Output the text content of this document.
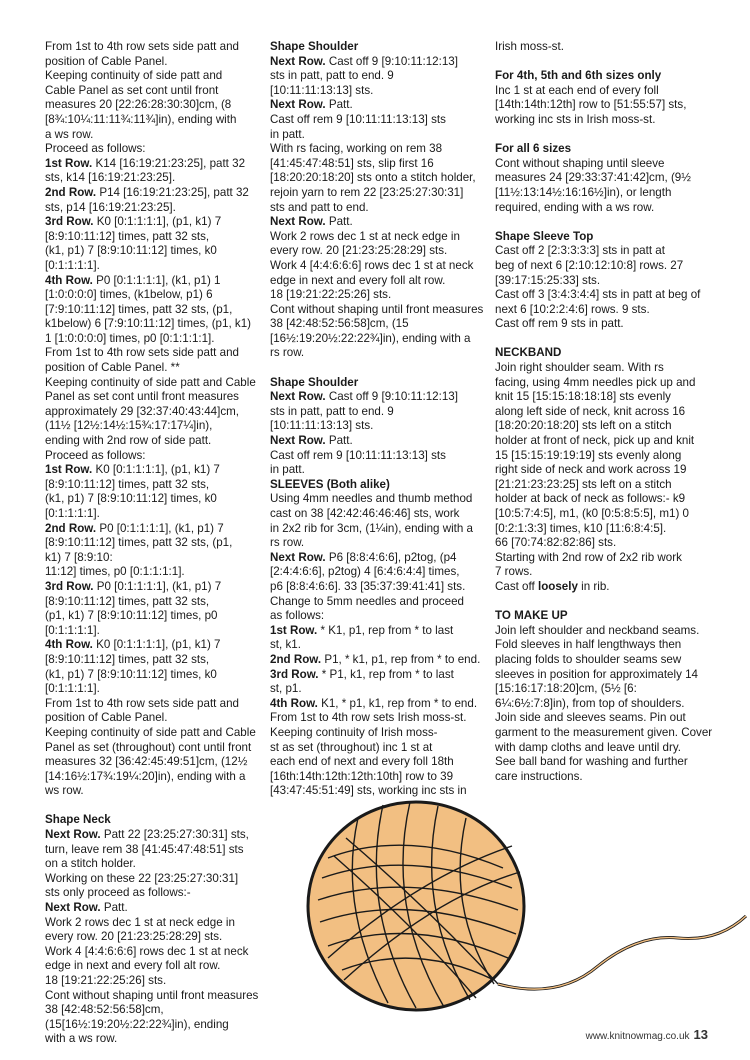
From 1st to 4th row sets side patt and
position of Cable Panel.
Keeping continuity of side patt and
Cable Panel as set cont until front
measures 20 [22:26:28:30:30]cm, (8
[8¾:10¼:11:11¾:11¾]in), ending with
a ws row.
Proceed as follows:
1st Row. K14 [16:19:21:23:25], patt 32
sts, k14 [16:19:21:23:25].
2nd Row. P14 [16:19:21:23:25], patt 32
sts, p14 [16:19:21:23:25].
3rd Row. K0 [0:1:1:1:1], (p1, k1) 7
[8:9:10:11:12] times, patt 32 sts,
(k1, p1) 7 [8:9:10:11:12] times, k0
[0:1:1:1:1].
4th Row. P0 [0:1:1:1:1], (k1, p1) 1
[1:0:0:0:0] times, (k1below, p1) 6
[7:9:10:11:12] times, patt 32 sts, (p1,
k1below) 6 [7:9:10:11:12] times, (p1, k1)
1 [1:0:0:0:0] times, p0 [0:1:1:1:1].
From 1st to 4th row sets side patt and
position of Cable Panel. **
Keeping continuity of side patt and Cable
Panel as set cont until front measures
approximately 29 [32:37:40:43:44]cm,
(11½ [12½:14½:15¾:17:17¼]in),
ending with 2nd row of side patt.
Proceed as follows:
1st Row. K0 [0:1:1:1:1], (p1, k1) 7
[8:9:10:11:12] times, patt 32 sts,
(k1, p1) 7 [8:9:10:11:12] times, k0
[0:1:1:1:1].
2nd Row. P0 [0:1:1:1:1], (k1, p1) 7
[8:9:10:11:12] times, patt 32 sts, (p1,
k1) 7 [8:9:10:
11:12] times, p0 [0:1:1:1:1].
3rd Row. P0 [0:1:1:1:1], (k1, p1) 7
[8:9:10:11:12] times, patt 32 sts,
(p1, k1) 7 [8:9:10:11:12] times, p0
[0:1:1:1:1].
4th Row. K0 [0:1:1:1:1], (p1, k1) 7
[8:9:10:11:12] times, patt 32 sts,
(k1, p1) 7 [8:9:10:11:12] times, k0
[0:1:1:1:1].
From 1st to 4th row sets side patt and
position of Cable Panel.
Keeping continuity of side patt and Cable
Panel as set (throughout) cont until front
measures 32 [36:42:45:49:51]cm, (12½
[14:16½:17¾:19¼:20]in), ending with a
ws row.
Shape Neck
Next Row. Patt 22 [23:25:27:30:31] sts,
turn, leave rem 38 [41:45:47:48:51] sts
on a stitch holder.
Working on these 22 [23:25:27:30:31]
sts only proceed as follows:-
Next Row. Patt.
Work 2 rows dec 1 st at neck edge in
every row. 20 [21:23:25:28:29] sts.
Work 4 [4:4:6:6:6] rows dec 1 st at neck
edge in next and every foll alt row.
18 [19:21:22:25:26] sts.
Cont without shaping until front measures
38 [42:48:52:56:58]cm,
(15[16½:19:20½:22:22¾]in), ending
with a ws row.
Shape Shoulder
Next Row. Cast off 9 [9:10:11:12:13]
sts in patt, patt to end. 9
[10:11:11:13:13] sts.
Next Row. Patt.
Cast off rem 9 [10:11:11:13:13] sts
in patt.
With rs facing, working on rem 38
[41:45:47:48:51] sts, slip first 16
[18:20:20:18:20] sts onto a stitch holder,
rejoin yarn to rem 22 [23:25:27:30:31]
sts and patt to end.
Next Row. Patt.
Work 2 rows dec 1 st at neck edge in
every row. 20 [21:23:25:28:29] sts.
Work 4 [4:4:6:6:6] rows dec 1 st at neck
edge in next and every foll alt row.
18 [19:21:22:25:26] sts.
Cont without shaping until front measures
38 [42:48:52:56:58]cm, (15
[16½:19:20½:22:22¾]in), ending with a
rs row.
Shape Shoulder
Next Row. Cast off 9 [9:10:11:12:13]
sts in patt, patt to end. 9
[10:11:11:13:13] sts.
Next Row. Patt.
Cast off rem 9 [10:11:11:13:13] sts
in patt.
SLEEVES (Both alike)
Using 4mm needles and thumb method
cast on 38 [42:42:46:46:46] sts, work
in 2x2 rib for 3cm, (1¼in), ending with a
rs row.
Next Row. P6 [8:8:4:6:6], p2tog, (p4
[2:4:4:6:6], p2tog) 4 [6:4:6:4:4] times,
p6 [8:8:4:6:6]. 33 [35:37:39:41:41] sts.
Change to 5mm needles and proceed
as follows:
1st Row. * K1, p1, rep from * to last
st, k1.
2nd Row. P1, * k1, p1, rep from * to end.
3rd Row. * P1, k1, rep from * to last
st, p1.
4th Row. K1, * p1, k1, rep from * to end.
From 1st to 4th row sets Irish moss-st.
Keeping continuity of Irish moss-
st as set (throughout) inc 1 st at
each end of next and every foll 18th
[16th:14th:12th:12th:10th] row to 39
[43:47:45:51:49] sts, working inc sts in
Irish moss-st.
For 4th, 5th and 6th sizes only
Inc 1 st at each end of every foll
[14th:14th:12th] row to [51:55:57] sts,
working inc sts in Irish moss-st.
For all 6 sizes
Cont without shaping until sleeve
measures 24 [29:33:37:41:42]cm, (9½
[11½:13:14½:16:16½]in), or length
required, ending with a ws row.
Shape Sleeve Top
Cast off 2 [2:3:3:3:3] sts in patt at
beg of next 6 [2:10:12:10:8] rows. 27
[39:17:15:25:33] sts.
Cast off 3 [3:4:3:4:4] sts in patt at beg of
next 6 [10:2:2:4:6] rows. 9 sts.
Cast off rem 9 sts in patt.
NECKBAND
Join right shoulder seam. With rs
facing, using 4mm needles pick up and
knit 15 [15:15:18:18:18] sts evenly
along left side of neck, knit across 16
[18:20:20:18:20] sts left on a stitch
holder at front of neck, pick up and knit
15 [15:15:19:19:19] sts evenly along
right side of neck and work across 19
[21:21:23:23:25] sts left on a stitch
holder at back of neck as follows:- k9
[10:5:7:4:5], m1, (k0 [0:5:8:5:5], m1) 0
[0:2:1:3:3] times, k10 [11:6:8:4:5].
66 [70:74:82:82:86] sts.
Starting with 2nd row of 2x2 rib work
7 rows.
Cast off loosely in rib.
TO MAKE UP
Join left shoulder and neckband seams.
Fold sleeves in half lengthways then
placing folds to shoulder seams sew
sleeves in position for approximately 14
[15:16:17:18:20]cm, (5½ [6:
6¼:6½:7:8]in), from top of shoulders.
Join side and sleeves seams. Pin out
garment to the measurement given. Cover
with damp cloths and leave until dry.
See ball band for washing and further
care instructions.
www.knitnowmag.co.uk 13
